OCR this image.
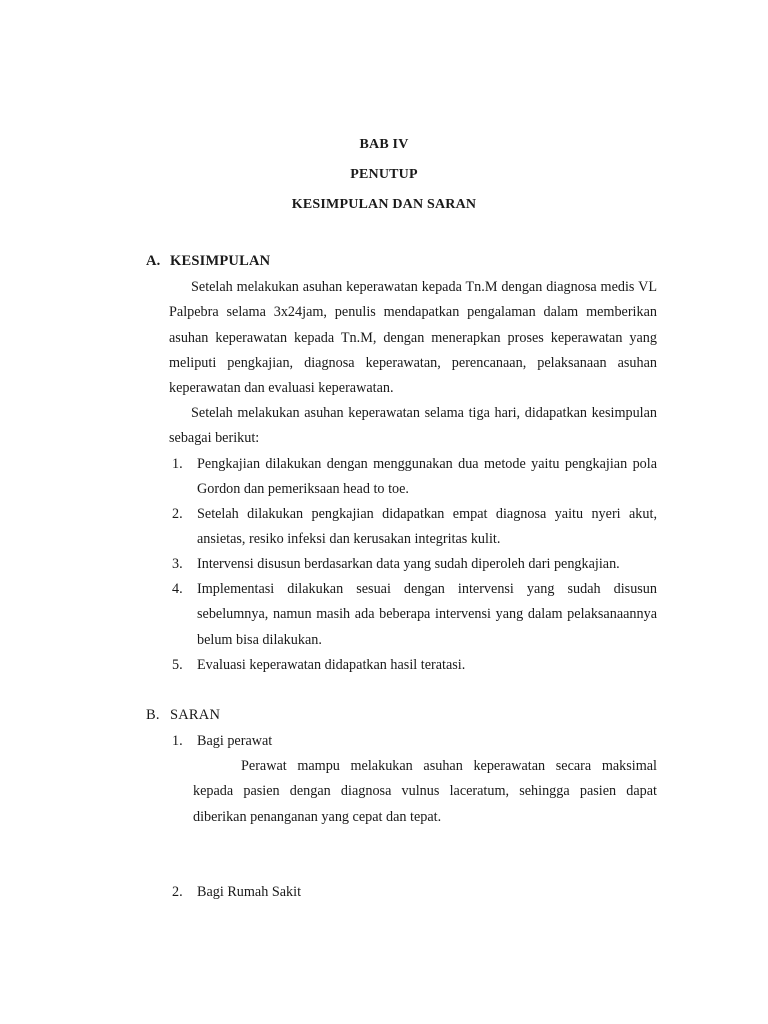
BAB IV
PENUTUP
KESIMPULAN DAN SARAN
A. KESIMPULAN

Setelah melakukan asuhan keperawatan kepada Tn.M dengan diagnosa medis VL Palpebra selama 3x24jam, penulis mendapatkan pengalaman dalam memberikan asuhan keperawatan kepada Tn.M, dengan menerapkan proses keperawatan yang meliputi pengkajian, diagnosa keperawatan, perencanaan, pelaksanaan asuhan keperawatan dan evaluasi keperawatan.

Setelah melakukan asuhan keperawatan selama tiga hari, didapatkan kesimpulan sebagai berikut:

1.	Pengkajian dilakukan dengan menggunakan dua metode yaitu pengkajian pola Gordon dan pemeriksaan head to toe.
2.	Setelah dilakukan pengkajian didapatkan empat diagnosa yaitu nyeri akut, ansietas, resiko infeksi dan kerusakan integritas kulit.
3.	Intervensi disusun berdasarkan data yang sudah diperoleh dari pengkajian.
4.	Implementasi dilakukan sesuai dengan intervensi yang sudah disusun sebelumnya, namun masih ada beberapa intervensi yang dalam pelaksanaannya belum bisa dilakukan.
5.	Evaluasi keperawatan didapatkan hasil teratasi.
B. SARAN
1. Bagi perawat

Perawat mampu melakukan asuhan keperawatan secara maksimal kepada pasien dengan diagnosa vulnus laceratum, sehingga pasien dapat diberikan penanganan yang cepat dan tepat.

2. Bagi Rumah Sakit
